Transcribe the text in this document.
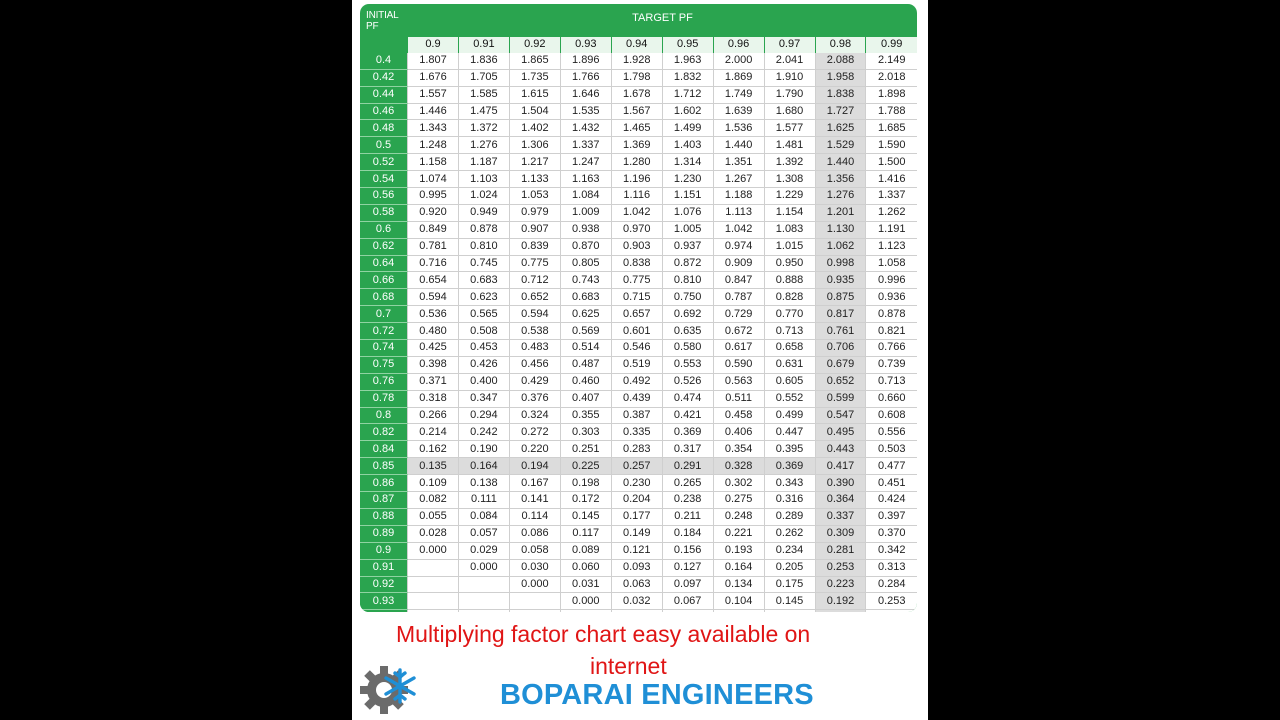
INITIAL PF
TARGET PF
	0.9	0.91	0.92	0.93	0.94	0.95	0.96	0.97	0.98	0.99
0.4	1.807	1.836	1.865	1.896	1.928	1.963	2.000	2.041	2.088	2.149
0.42	1.676	1.705	1.735	1.766	1.798	1.832	1.869	1.910	1.958	2.018
0.44	1.557	1.585	1.615	1.646	1.678	1.712	1.749	1.790	1.838	1.898
0.46	1.446	1.475	1.504	1.535	1.567	1.602	1.639	1.680	1.727	1.788
0.48	1.343	1.372	1.402	1.432	1.465	1.499	1.536	1.577	1.625	1.685
0.5	1.248	1.276	1.306	1.337	1.369	1.403	1.440	1.481	1.529	1.590
0.52	1.158	1.187	1.217	1.247	1.280	1.314	1.351	1.392	1.440	1.500
0.54	1.074	1.103	1.133	1.163	1.196	1.230	1.267	1.308	1.356	1.416
0.56	0.995	1.024	1.053	1.084	1.116	1.151	1.188	1.229	1.276	1.337
0.58	0.920	0.949	0.979	1.009	1.042	1.076	1.113	1.154	1.201	1.262
0.6	0.849	0.878	0.907	0.938	0.970	1.005	1.042	1.083	1.130	1.191
0.62	0.781	0.810	0.839	0.870	0.903	0.937	0.974	1.015	1.062	1.123
0.64	0.716	0.745	0.775	0.805	0.838	0.872	0.909	0.950	0.998	1.058
0.66	0.654	0.683	0.712	0.743	0.775	0.810	0.847	0.888	0.935	0.996
0.68	0.594	0.623	0.652	0.683	0.715	0.750	0.787	0.828	0.875	0.936
0.7	0.536	0.565	0.594	0.625	0.657	0.692	0.729	0.770	0.817	0.878
0.72	0.480	0.508	0.538	0.569	0.601	0.635	0.672	0.713	0.761	0.821
0.74	0.425	0.453	0.483	0.514	0.546	0.580	0.617	0.658	0.706	0.766
0.75	0.398	0.426	0.456	0.487	0.519	0.553	0.590	0.631	0.679	0.739
0.76	0.371	0.400	0.429	0.460	0.492	0.526	0.563	0.605	0.652	0.713
0.78	0.318	0.347	0.376	0.407	0.439	0.474	0.511	0.552	0.599	0.660
0.8	0.266	0.294	0.324	0.355	0.387	0.421	0.458	0.499	0.547	0.608
0.82	0.214	0.242	0.272	0.303	0.335	0.369	0.406	0.447	0.495	0.556
0.84	0.162	0.190	0.220	0.251	0.283	0.317	0.354	0.395	0.443	0.503
0.85	0.135	0.164	0.194	0.225	0.257	0.291	0.328	0.369	0.417	0.477
0.86	0.109	0.138	0.167	0.198	0.230	0.265	0.302	0.343	0.390	0.451
0.87	0.082	0.111	0.141	0.172	0.204	0.238	0.275	0.316	0.364	0.424
0.88	0.055	0.084	0.114	0.145	0.177	0.211	0.248	0.289	0.337	0.397
0.89	0.028	0.057	0.086	0.117	0.149	0.184	0.221	0.262	0.309	0.370
0.9	0.000	0.029	0.058	0.089	0.121	0.156	0.193	0.234	0.281	0.342
0.91		0.000	0.030	0.060	0.093	0.127	0.164	0.205	0.253	0.313
0.92			0.000	0.031	0.063	0.097	0.134	0.175	0.223	0.284
0.93				0.000	0.032	0.067	0.104	0.145	0.192	0.253

Multiplying factor chart easy available on
internet
BOPARAI ENGINEERS
